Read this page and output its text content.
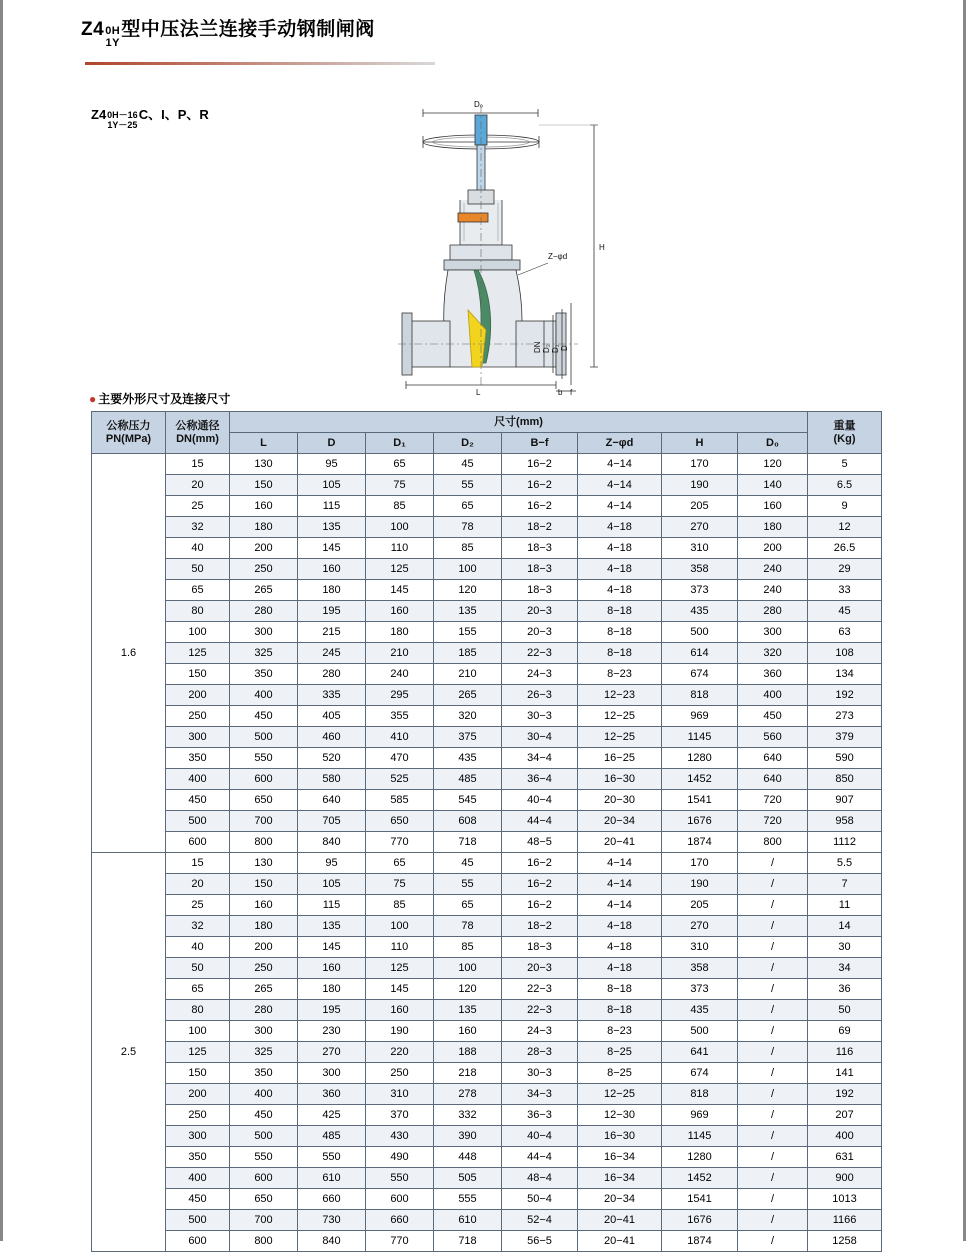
Z4 0H
1Y
型中压法兰连接手动钢制闸阀
Z4 0H－16
1Y－25
C、I、P、R
D₀
H
Z−φd
DN D₂ D₁ D
L	b f
● 主要外形尺寸及连接尺寸
公称压力
PN(MPa)

公称通径
DN(mm)
	尺寸(mm)	重量
(Kg)

		L	D	D₁	D₂	B−f	Z−φd	H	D₀	
1.6	15	130	95	65	45	16−2	4−14	170	120	5
	20	150	105	75	55	16−2	4−14	190	140	6.5
	25	160	115	85	65	16−2	4−14	205	160	9
	32	180	135	100	78	18−2	4−18	270	180	12
	40	200	145	110	85	18−3	4−18	310	200	26.5
	50	250	160	125	100	18−3	4−18	358	240	29
	65	265	180	145	120	18−3	4−18	373	240	33
	80	280	195	160	135	20−3	8−18	435	280	45
	100	300	215	180	155	20−3	8−18	500	300	63
	125	325	245	210	185	22−3	8−18	614	320	108
	150	350	280	240	210	24−3	8−23	674	360	134
	200	400	335	295	265	26−3	12−23	818	400	192
	250	450	405	355	320	30−3	12−25	969	450	273
	300	500	460	410	375	30−4	12−25	1145	560	379
	350	550	520	470	435	34−4	16−25	1280	640	590
	400	600	580	525	485	36−4	16−30	1452	640	850
	450	650	640	585	545	40−4	20−30	1541	720	907
	500	700	705	650	608	44−4	20−34	1676	720	958
	600	800	840	770	718	48−5	20−41	1874	800	1112
2.5	15	130	95	65	45	16−2	4−14	170	/	5.5
	20	150	105	75	55	16−2	4−14	190	/	7
	25	160	115	85	65	16−2	4−14	205	/	11
	32	180	135	100	78	18−2	4−18	270	/	14
	40	200	145	110	85	18−3	4−18	310	/	30
	50	250	160	125	100	20−3	4−18	358	/	34
	65	265	180	145	120	22−3	8−18	373	/	36
	80	280	195	160	135	22−3	8−18	435	/	50
	100	300	230	190	160	24−3	8−23	500	/	69
	125	325	270	220	188	28−3	8−25	641	/	116
	150	350	300	250	218	30−3	8−25	674	/	141
	200	400	360	310	278	34−3	12−25	818	/	192
	250	450	425	370	332	36−3	12−30	969	/	207
	300	500	485	430	390	40−4	16−30	1145	/	400
	350	550	550	490	448	44−4	16−34	1280	/	631
	400	600	610	550	505	48−4	16−34	1452	/	900
	450	650	660	600	555	50−4	20−34	1541	/	1013
	500	700	730	660	610	52−4	20−41	1676	/	1166
	600	800	840	770	718	56−5	20−41	1874	/	1258
